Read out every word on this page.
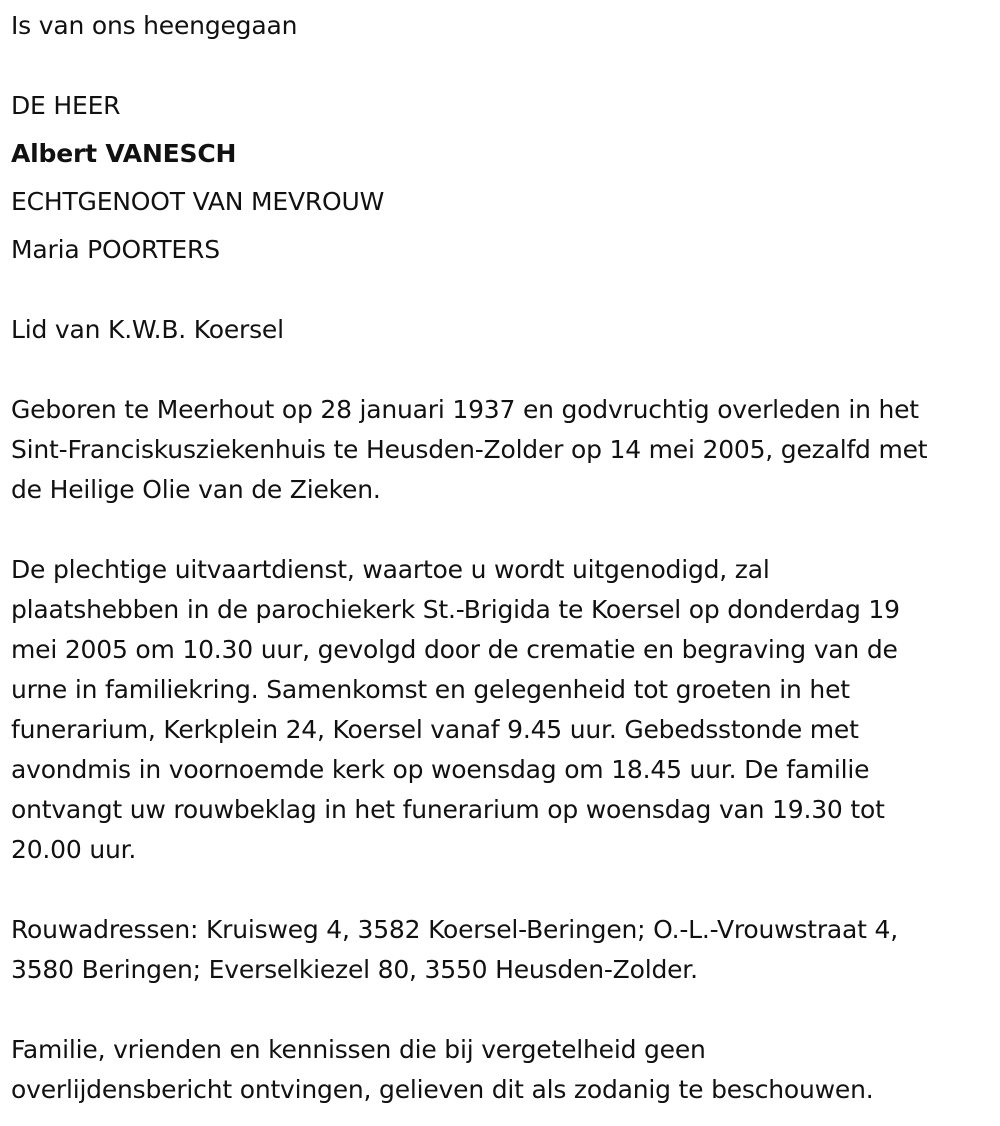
Is van ons heengegaan
DE HEER
Albert VANESCH
ECHTGENOOT VAN MEVROUW
Maria POORTERS
Lid van K.W.B. Koersel
Geboren te Meerhout op 28 januari 1937 en godvruchtig overleden in het
Sint-Franciskusziekenhuis te Heusden-Zolder op 14 mei 2005, gezalfd met
de Heilige Olie van de Zieken.
De plechtige uitvaartdienst, waartoe u wordt uitgenodigd, zal
plaatshebben in de parochiekerk St.-Brigida te Koersel op donderdag 19
mei 2005 om 10.30 uur, gevolgd door de crematie en begraving van de
urne in familiekring. Samenkomst en gelegenheid tot groeten in het
funerarium, Kerkplein 24, Koersel vanaf 9.45 uur. Gebedsstonde met
avondmis in voornoemde kerk op woensdag om 18.45 uur. De familie
ontvangt uw rouwbeklag in het funerarium op woensdag van 19.30 tot
20.00 uur.
Rouwadressen: Kruisweg 4, 3582 Koersel-Beringen; O.-L.-Vrouwstraat 4,
3580 Beringen; Everselkiezel 80, 3550 Heusden-Zolder.
Familie, vrienden en kennissen die bij vergetelheid geen
overlijdensbericht ontvingen, gelieven dit als zodanig te beschouwen.
